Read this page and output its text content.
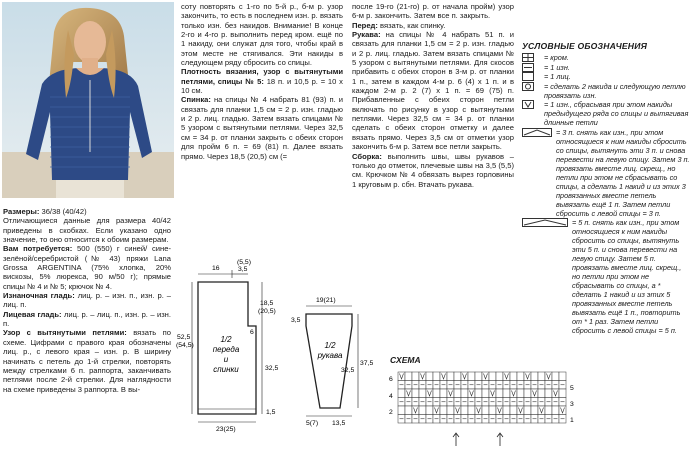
Размеры: 36/38 (40/42)

Отличающиеся данные для размера 40/42 приведены в скобках. Если указано одно значение, то оно относится к обоим размерам.

Вам потребуется: 500 (550) г синей/ сине-зелёной/серебристой (№ 43) пряжи Lana Grossa ARGENTINA (75% хлопка, 20% вискозы, 5% люрекса, 90 м/50 г); прямые спицы № 4 и № 5; крючок № 4.

Изнаночная гладь: лиц. р. – изн. п., изн. р. – лиц. п.

Лицевая гладь: лиц. р. – лиц. п., изн. р. – изн. п.

Узор с вытянутыми петлями: вязать по схеме. Цифрами с правого края обозначены лиц. р., с левого края – изн. р. В ширину начинать с петель до 1-й стрелки, повторять между стрелками 6 п. раппорта, заканчивать петлями после 2-й стрелки. Для наглядности на схеме приведены 3 раппорта. В вы-

соту повторять с 1-го по 5-й р., б-м р. узор закончить, то есть в последнем изн. р. вязать только изн. без накидов. Внимание! В конце 2-го и 4-го р. выполнить перед кром. ещё по 1 накиду, они служат для того, чтобы край в этом месте не стягивался. Эти накиды в следующем ряду сбросить со спицы.

Плотность вязания, узор с вытянутыми петлями, спицы № 5: 18 п. и 10,5 р. = 10 х 10 см.

Спинка: на спицы № 4 набрать 81 (93) п. и связать для планки 1,5 см = 2 р. изн. гладью и 2 р. лиц. гладью. Затем вязать спицами № 5 узором с вытянутыми петлями. Через 32,5 см = 34 р. от планки закрыть с обеих сторон для пройм 6 п. = 69 (81) п. Далее вязать прямо. Через 18,5 (20,5) см (=

после 19-го (21-го) р. от начала пройм) узор 6-м р. закончить. Затем все п. закрыть.

Перед: вязать, как спинку.

Рукава: на спицы № 4 набрать 51 п. и связать для планки 1,5 см = 2 р. изн. гладью и 2 р. лиц. гладью. Затем вязать спицами № 5 узором с вытянутыми петлями. Для скосов прибавить с обеих сторон в 3-м р. от планки 1 п., затем в каждом 4-м р. 6 (4) х 1 п. и в каждом 2-м р. 2 (7) х 1 п. = 69 (75) п. Прибавленные с обеих сторон петли включать по рисунку в узор с вытянутыми петлями. Через 32,5 см = 34 р. от планки сделать с обеих сторон отметку и далее вязать прямо. Через 3,5 см от отметки узор закончить 6-м р. Затем все петли закрыть.

Сборка: выполнить швы, швы рукавов – только до отметок, плечевые швы на 3,5 (5,5) см. Крючком № 4 обвязать вырез горловины 1 круговым р. сбн. Втачать рукава.

УСЛОВНЫЕ ОБОЗНАЧЕНИЯ
= кром.
= 1 изн.
= 1 лиц.
= сделать 2 накида и следующую петлю провязать изн.
= 1 изн., сбрасывая при этом накиды предыдущего ряда со спицы и вытягивая длинные петли
= 3 п. снять как изн., при этом относящиеся к ним накиды сбросить со спицы, вытянуть эти 3 п. и снова перевести на левую спицу. Затем 3 п. провязать вместе лиц. скрещ., но петли при этом не сбрасывать со спицы, а сделать 1 накид и из этих 3 провязанных вместе петель вывязать ещё 1 п. Затем петли сбросить с левой спицы = 3 п.
= 5 п. снять как изн., при этом относящиеся к ним накиды сбросить со спицы, вытянуть эти 5 п. и снова перевести на левую спицу. Затем 5 п. провязать вместе лиц. скрещ., но петли при этом не сбрасывать со спицы, а * сделать 1 накид и из этих 5 провязанных вместе петель вывязать ещё 1 п., повторить от * 1 раз. Затем петли сбросить с левой спицы = 5 п.
16
(5,5)
3,5
18,5
(20,5)
32,5
6
52,5
(54,5)
1,5
23(25)
1/2
переда
и
спинки
19(21)
3,5
32,5
37,5
5(7) 13,5
1/2
рукава	СХЕМА
6
4
2
5
3
1
